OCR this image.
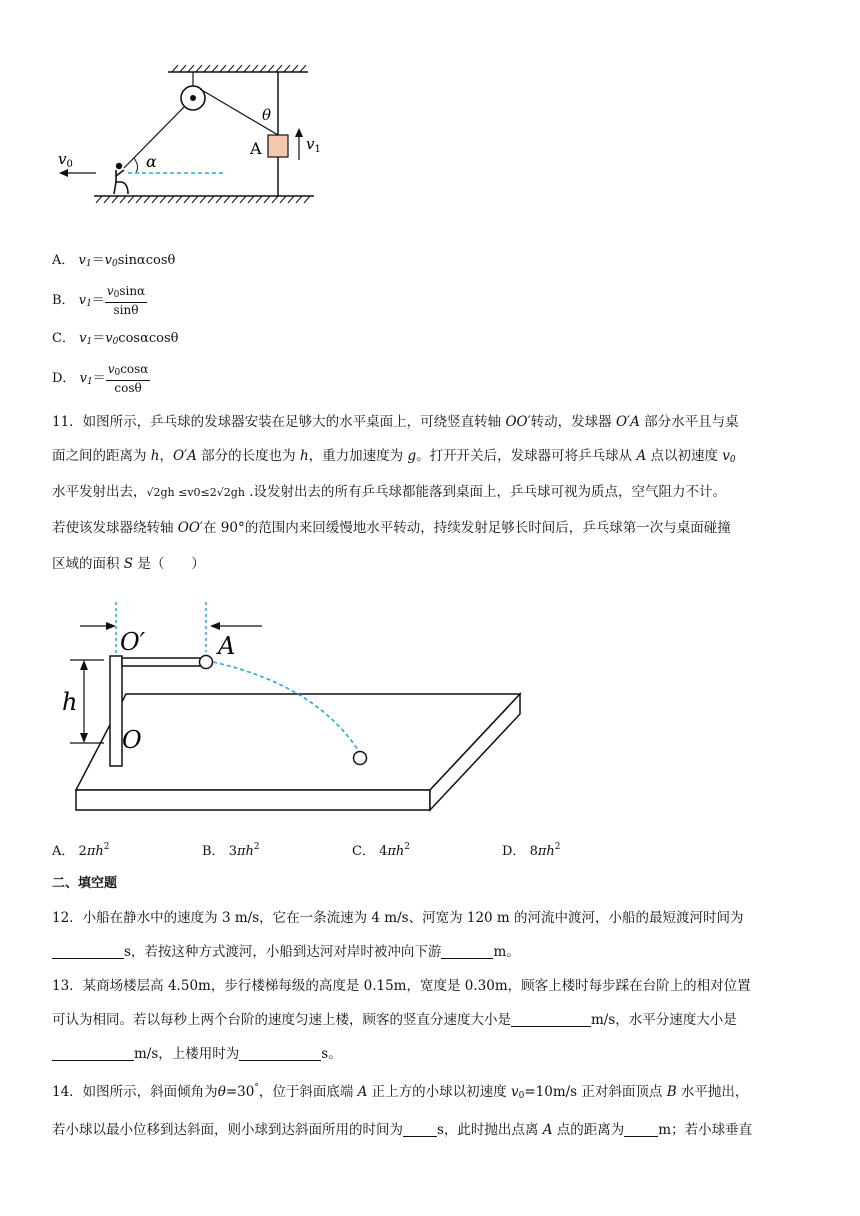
A
θ
$v_1$
α
$v_0$
A． $v_1=v_0\sin\alpha\cos\theta$
B． $v_1= \frac{v_0\sin\alpha}{\sin\theta}$
C． $v_1=v_0\cos\alpha\cos\theta$
D． $v_1= \frac{v_0\cos\alpha}{\cos\theta}$
11．如图所示，乒乓球的发球器安装在足够大的水平桌面上，可绕竖直转轴 OO′转动，发球器 O′A 部分水平且与桌
面之间的距离为 h，O′A 部分的长度也为 h，重力加速度为 g。打开开关后，发球器可将乒乓球从 A 点以初速度 $v_0$
水平发射出去，√2gh ≤v0≤2√2gh .设发射出去的所有乒乓球都能落到桌面上，乒乓球可视为质点，空气阻力不计。
若使该发球器绕转轴 OO′在 90°的范围内来回缓慢地水平转动，持续发射足够长时间后，乒乓球第一次与桌面碰撞
区域的面积 S 是（　　）
h
O′	A
O
A． $2\pi h^2$	B． $3\pi h^2$	C． $4\pi h^2$	D． $8\pi h^2$
二、填空题
12．小船在静水中的速度为 3 m/s，它在一条流速为 4 m/s、河宽为 120 m 的河流中渡河，小船的最短渡河时间为
s，若按这种方式渡河，小船到达河对岸时被冲向下游	m。
13．某商场楼层高 4.50m，步行楼梯每级的高度是 0.15m，宽度是 0.30m，顾客上楼时每步踩在台阶上的相对位置
可认为相同。若以每秒上两个台阶的速度匀速上楼，顾客的竖直分速度大小是	m/s，水平分速度大小是
m/s，上楼用时为	s。
14．如图所示，斜面倾角为θ=30°，位于斜面底端 A 正上方的小球以初速度 $v_0=10m/s$ 正对斜面顶点 B 水平抛出，
若小球以最小位移到达斜面，则小球到达斜面所用的时间为	s，此时抛出点离 A 点的距离为	m；若小球垂直
